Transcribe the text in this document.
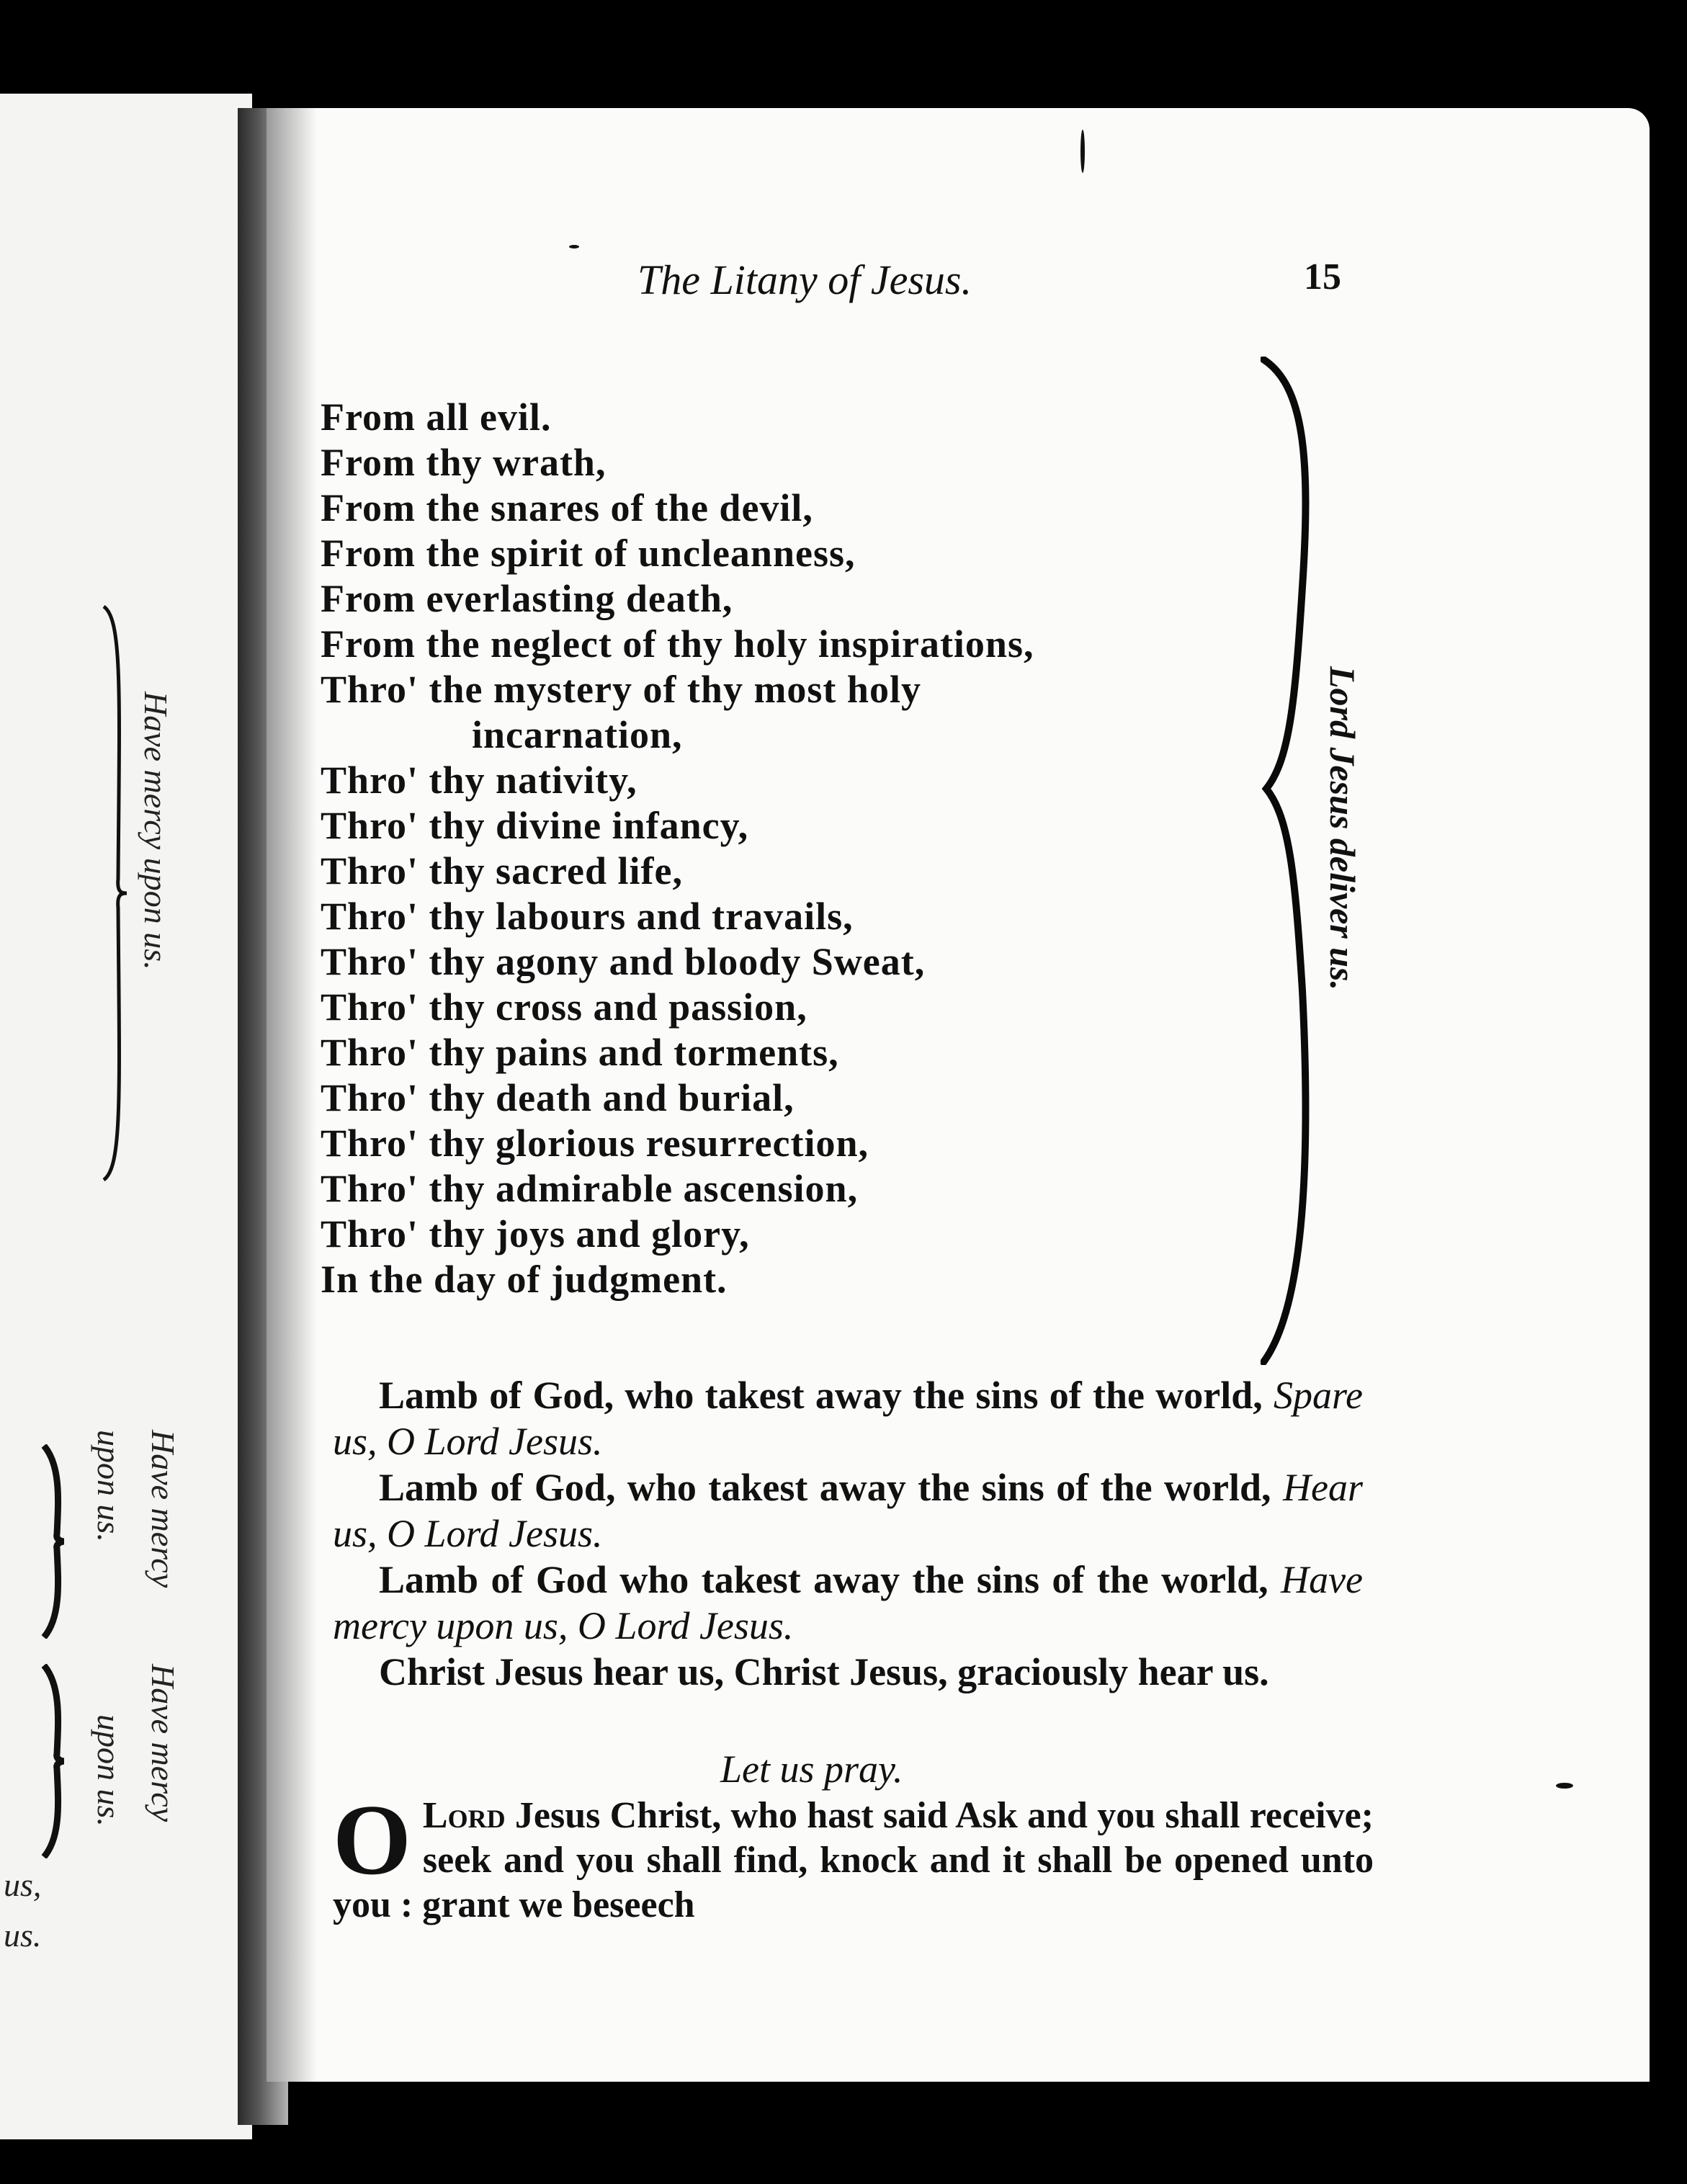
Have mercy upon us.
Have mercy
upon us.
Have mercy
upon us.
us,
us.
The Litany of Jesus.	15
From all evil.
From thy wrath,
From the snares of the devil,
From the spirit of uncleanness,
From everlasting death,
From the neglect of thy holy inspirations,
Thro' the mystery of thy most holy
incarnation,
Thro' thy nativity,
Thro' thy divine infancy,
Thro' thy sacred life,
Thro' thy labours and travails,
Thro' thy agony and bloody Sweat,
Thro' thy cross and passion,
Thro' thy pains and torments,
Thro' thy death and burial,
Thro' thy glorious resurrection,
Thro' thy admirable ascension,
Thro' thy joys and glory,
In the day of judgment.
Lord Jesus deliver us.

Lamb of God, who takest away the sins of the world, Spare us, O Lord Jesus.

Lamb of God, who takest away the sins of the world, Hear us, O Lord Jesus.

Lamb of God who takest away the sins of the world, Have mercy upon us, O Lord Jesus.

Christ Jesus hear us, Christ Jesus, graciously hear us.

Let us pray.
O Lord Jesus Christ, who hast said Ask and you shall receive; seek and you shall find, knock and it shall be opened unto you : grant we beseech
